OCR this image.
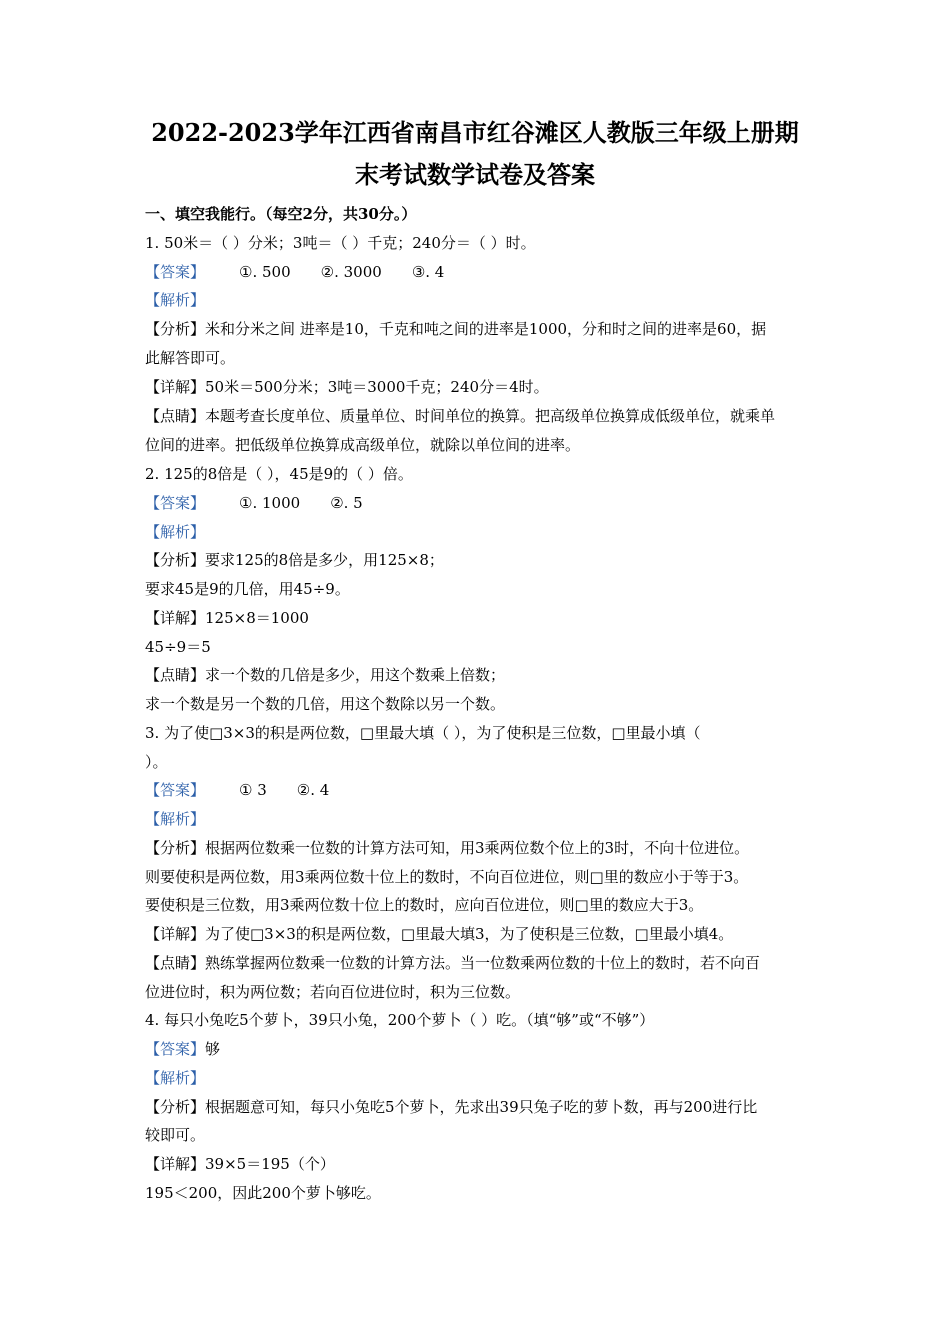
2022-2023学年江西省南昌市红谷滩区人教版三年级上册期
末考试数学试卷及答案

一、填空我能行。（每空2分，共30分。）

1. 50米＝（ ）分米；3吨＝（ ）千克；240分＝（ ）时。

【答案】 ①. 500 ②. 3000 ③. 4

【解析】

【分析】米和分米之间 进率是10，千克和吨之间的进率是1000，分和时之间的进率是60，据

此解答即可。

【详解】50米＝500分米；3吨＝3000千克；240分＝4时。

【点睛】本题考查长度单位、质量单位、时间单位的换算。把高级单位换算成低级单位，就乘单

位间的进率。把低级单位换算成高级单位，就除以单位间的进率。

2. 125的8倍是（ ），45是9的（ ）倍。

【答案】 ①. 1000 ②. 5

【解析】

【分析】要求125的8倍是多少，用125×8；

要求45是9的几倍，用45÷9。

【详解】125×8＝1000

45÷9＝5

【点睛】求一个数的几倍是多少，用这个数乘上倍数；

求一个数是另一个数的几倍，用这个数除以另一个数。

3. 为了使□3×3的积是两位数，□里最大填（ ），为了使积是三位数，□里最小填（

）。

【答案】 ① 3 ②. 4

【解析】

【分析】根据两位数乘一位数的计算方法可知，用3乘两位数个位上的3时，不向十位进位。

则要使积是两位数，用3乘两位数十位上的数时，不向百位进位，则□里的数应小于等于3。

要使积是三位数，用3乘两位数十位上的数时，应向百位进位，则□里的数应大于3。

【详解】为了使□3×3的积是两位数，□里最大填3，为了使积是三位数，□里最小填4。

【点睛】熟练掌握两位数乘一位数的计算方法。当一位数乘两位数的十位上的数时，若不向百

位进位时，积为两位数；若向百位进位时，积为三位数。

4. 每只小兔吃5个萝卜，39只小兔，200个萝卜（ ）吃。（填“够”或“不够”）

【答案】够

【解析】

【分析】根据题意可知，每只小兔吃5个萝卜，先求出39只兔子吃的萝卜数，再与200进行比

较即可。

【详解】39×5＝195（个）

195＜200，因此200个萝卜够吃。
